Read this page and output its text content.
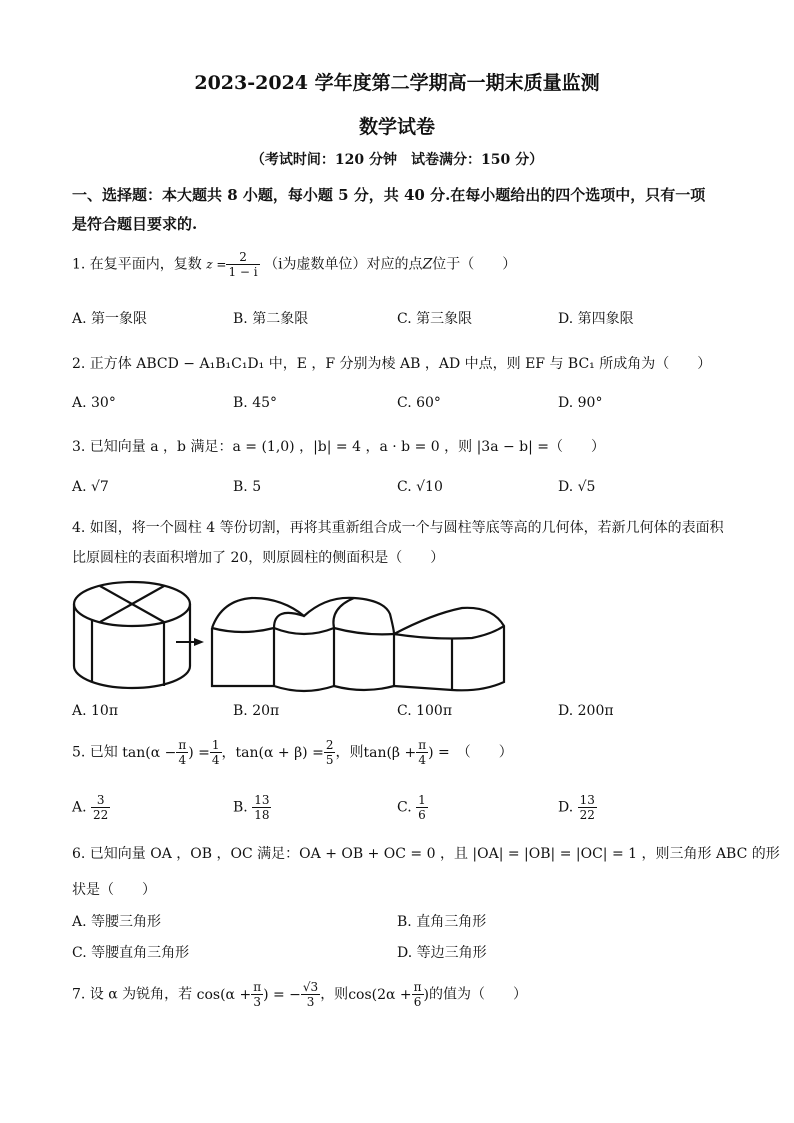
2023-2024 学年度第二学期高一期末质量监测
数学试卷
（考试时间：120 分钟　试卷满分：150 分）
一、选择题：本大题共 8 小题，每小题 5 分，共 40 分.在每小题给出的四个选项中，只有一项
是符合题目要求的.
1. 在复平面内，复数 $z = \frac{2}{1 - i} (i$为虚数单位）对应的点Z位于（　　）
A. 第一象限	B. 第二象限	C. 第三象限	D. 第四象限
2. 正方体 ABCD − A₁B₁C₁D₁ 中，E ，F 分别为棱 AB ，AD 中点，则 EF 与 BC₁ 所成角为（　　）
A. 30°	B. 45°	C. 60°	D. 90°
3. 已知向量 a ，b 满足：a = (1,0) ，|b| = 4 ，a · b = 0 ，则 |3a − b| =（　　）
A. √7	B. 5	C. √10	D. √5
4. 如图，将一个圆柱 4 等份切割，再将其重新组合成一个与圆柱等底等高的几何体，若新几何体的表面积
比原圆柱的表面积增加了 20，则原圆柱的侧面积是（　　）
A. 10π	B. 20π	C. 100π	D. 200π
5. 已知 $\tan(\alpha - \frac{\pi}{4}$ ) = $\frac{1}{4}$ ，$\tan(\alpha + \beta) = \frac{2}{5}$ ，则$\tan(\beta + \frac{\pi}{4}$ ) =　（　　）
A. $\frac{3}{22}$	B. $\frac{13}{18}$	C. $\frac{1}{6}$	D. $\frac{13}{22}$
6. 已知向量 OA ，OB ，OC 满足：OA + OB + OC = 0 ，且 |OA| = |OB| = |OC| = 1 ，则三角形 ABC 的形
状是（　　）
A. 等腰三角形	B. 直角三角形
C. 等腰直角三角形	D. 等边三角形
7. 设 α 为锐角，若 $\cos(\alpha + \frac{\pi}{3}$ ) = − $\frac{√3}{3}$ ，则$\cos(2\alpha + \frac{\pi}{6}$ )的值为（　　）
